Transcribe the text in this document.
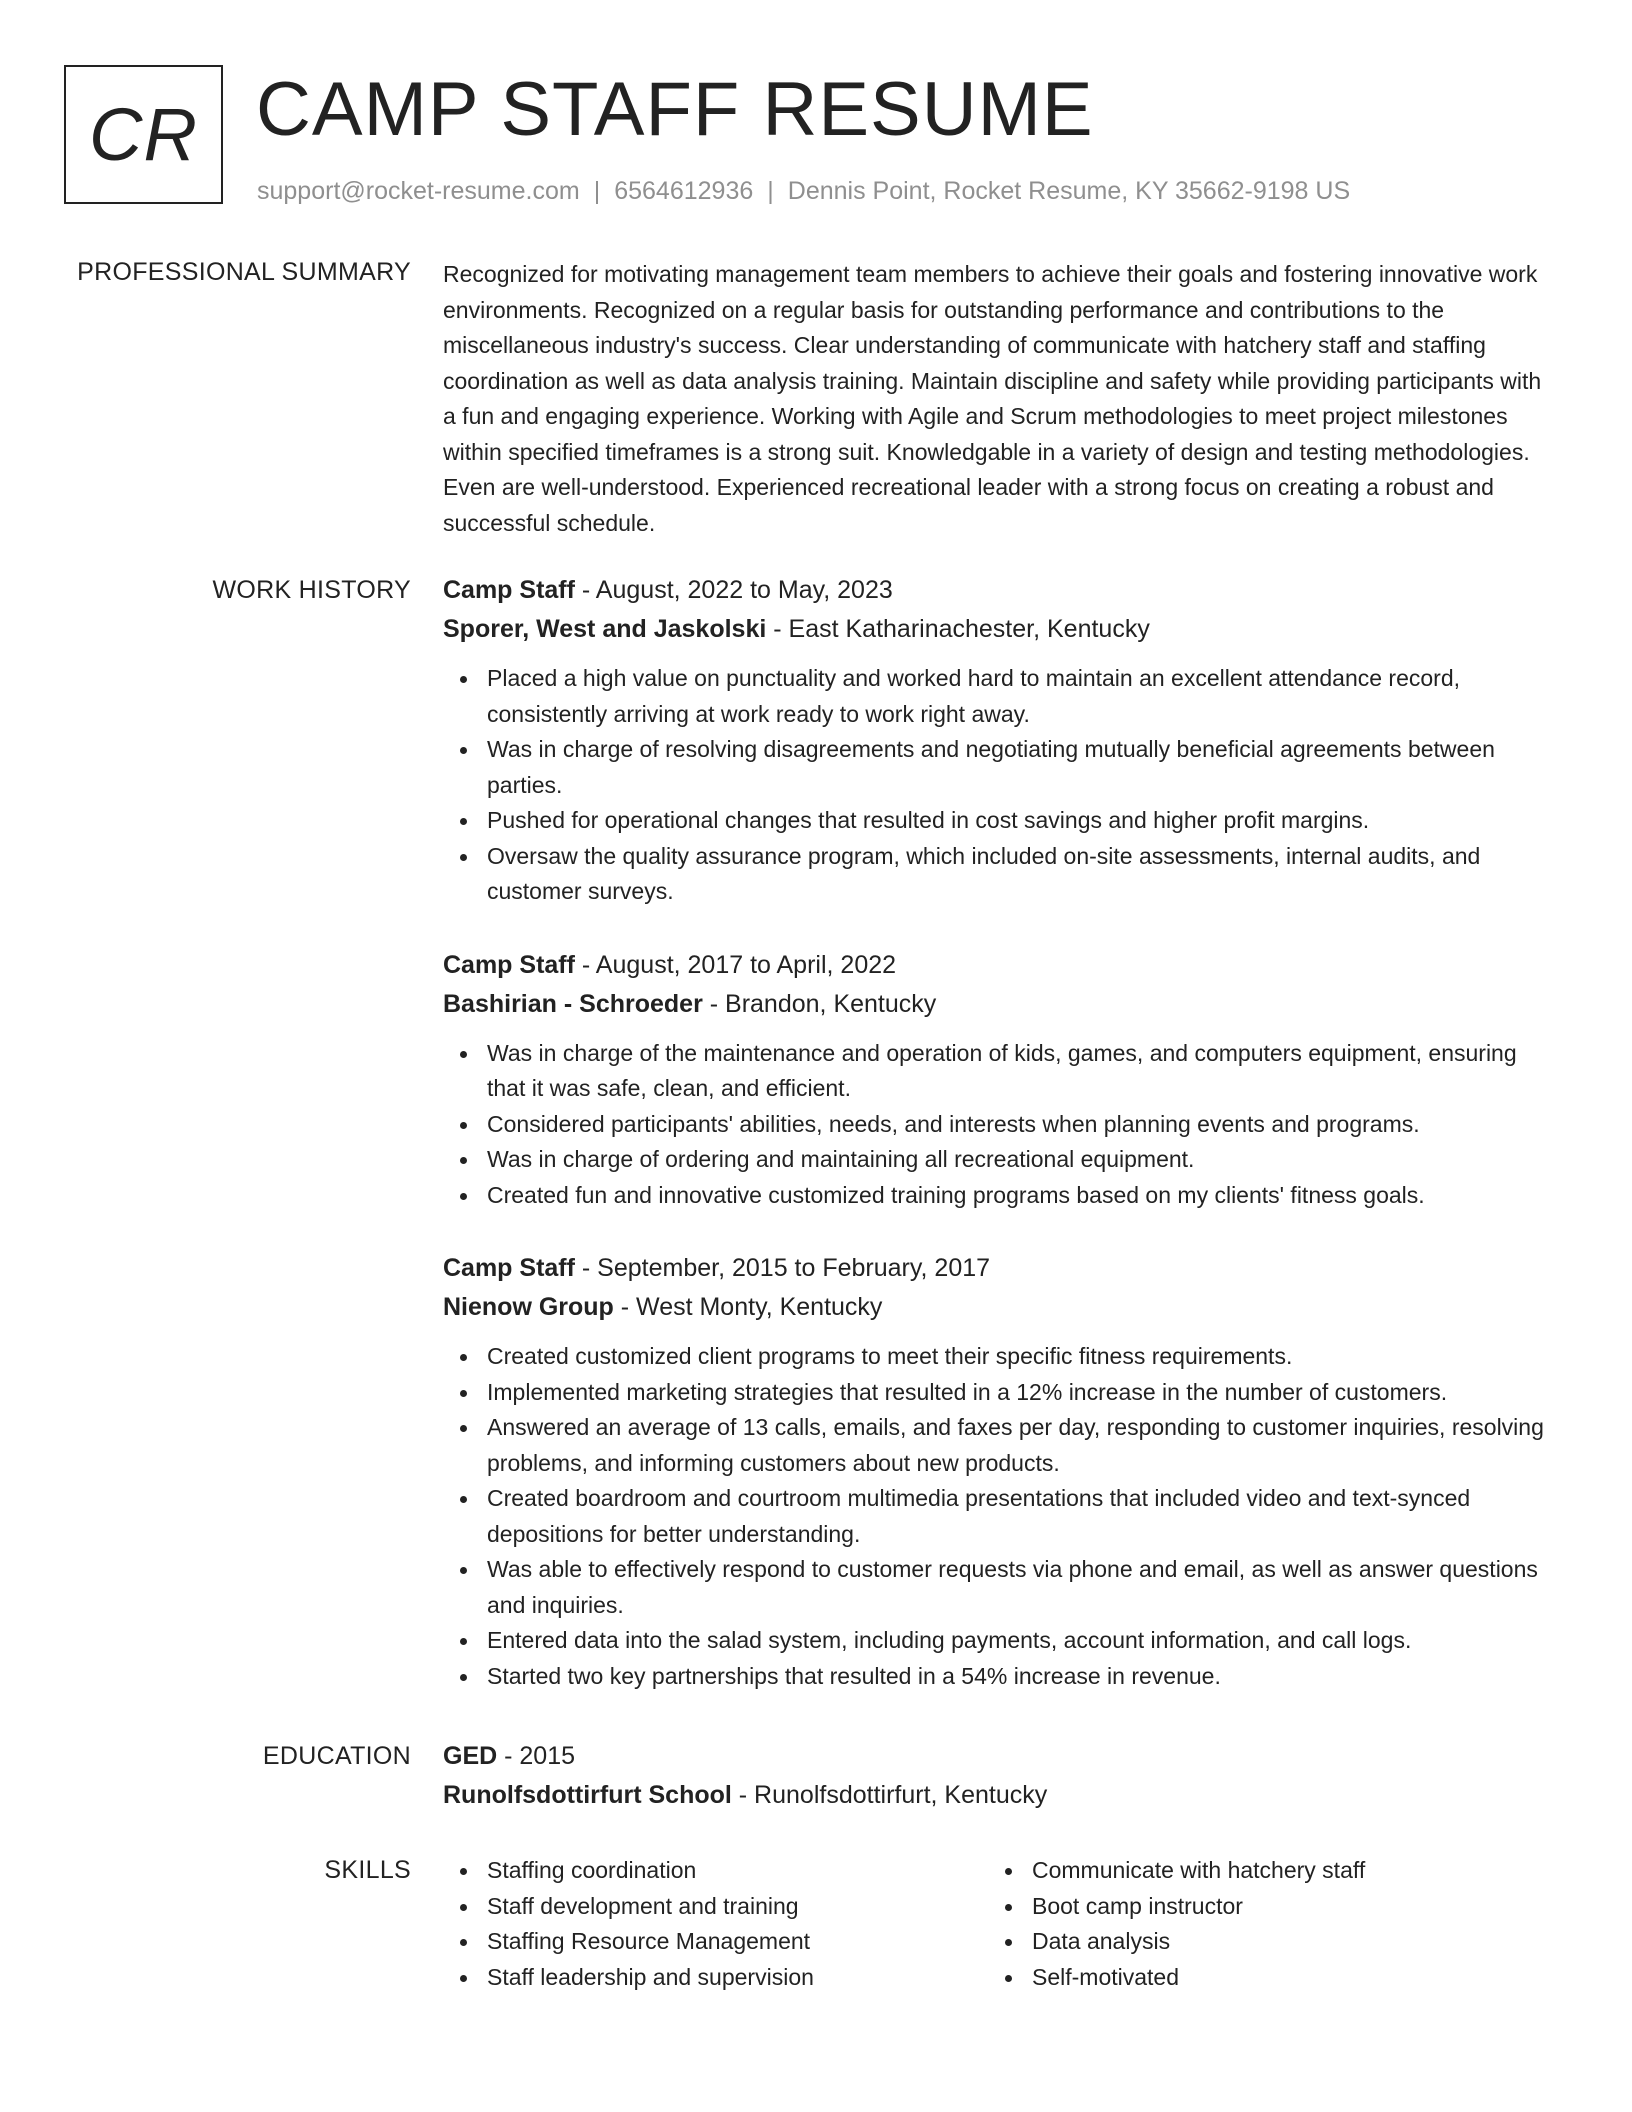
CR CAMP STAFF RESUME
support@rocket-resume.com | 6564612936 | Dennis Point, Rocket Resume, KY 35662-9198 US
PROFESSIONAL SUMMARY Recognized for motivating management team members to achieve their goals and fostering innovative work environments. Recognized on a regular basis for outstanding performance and contributions to the miscellaneous industry's success. Clear understanding of communicate with hatchery staff and staffing coordination as well as data analysis training. Maintain discipline and safety while providing participants with a fun and engaging experience. Working with Agile and Scrum methodologies to meet project milestones within specified timeframes is a strong suit. Knowledgable in a variety of design and testing methodologies. Even are well-understood. Experienced recreational leader with a strong focus on creating a robust and successful schedule.

WORK HISTORY Camp Staff - August, 2022 to May, 2023
Sporer, West and Jaskolski - East Katharinachester, Kentucky
Placed a high value on punctuality and worked hard to maintain an excellent attendance record, consistently arriving at work ready to work right away.
Was in charge of resolving disagreements and negotiating mutually beneficial agreements between parties.
Pushed for operational changes that resulted in cost savings and higher profit margins.
Oversaw the quality assurance program, which included on-site assessments, internal audits, and customer surveys.
Camp Staff - August, 2017 to April, 2022
Bashirian - Schroeder - Brandon, Kentucky
Was in charge of the maintenance and operation of kids, games, and computers equipment, ensuring that it was safe, clean, and efficient.
Considered participants' abilities, needs, and interests when planning events and programs.
Was in charge of ordering and maintaining all recreational equipment.
Created fun and innovative customized training programs based on my clients' fitness goals.
Camp Staff - September, 2015 to February, 2017
Nienow Group - West Monty, Kentucky
Created customized client programs to meet their specific fitness requirements.
Implemented marketing strategies that resulted in a 12% increase in the number of customers.
Answered an average of 13 calls, emails, and faxes per day, responding to customer inquiries, resolving problems, and informing customers about new products.
Created boardroom and courtroom multimedia presentations that included video and text-synced depositions for better understanding.
Was able to effectively respond to customer requests via phone and email, as well as answer questions and inquiries.
Entered data into the salad system, including payments, account information, and call logs.
Started two key partnerships that resulted in a 54% increase in revenue.
EDUCATION GED - 2015
Runolfsdottirfurt School - Runolfsdottirfurt, Kentucky
SKILLS	Staffing coordination
Staff development and training
Staffing Resource Management
Staff leadership and supervision
Communicate with hatchery staff
Boot camp instructor
Data analysis
Self-motivated
